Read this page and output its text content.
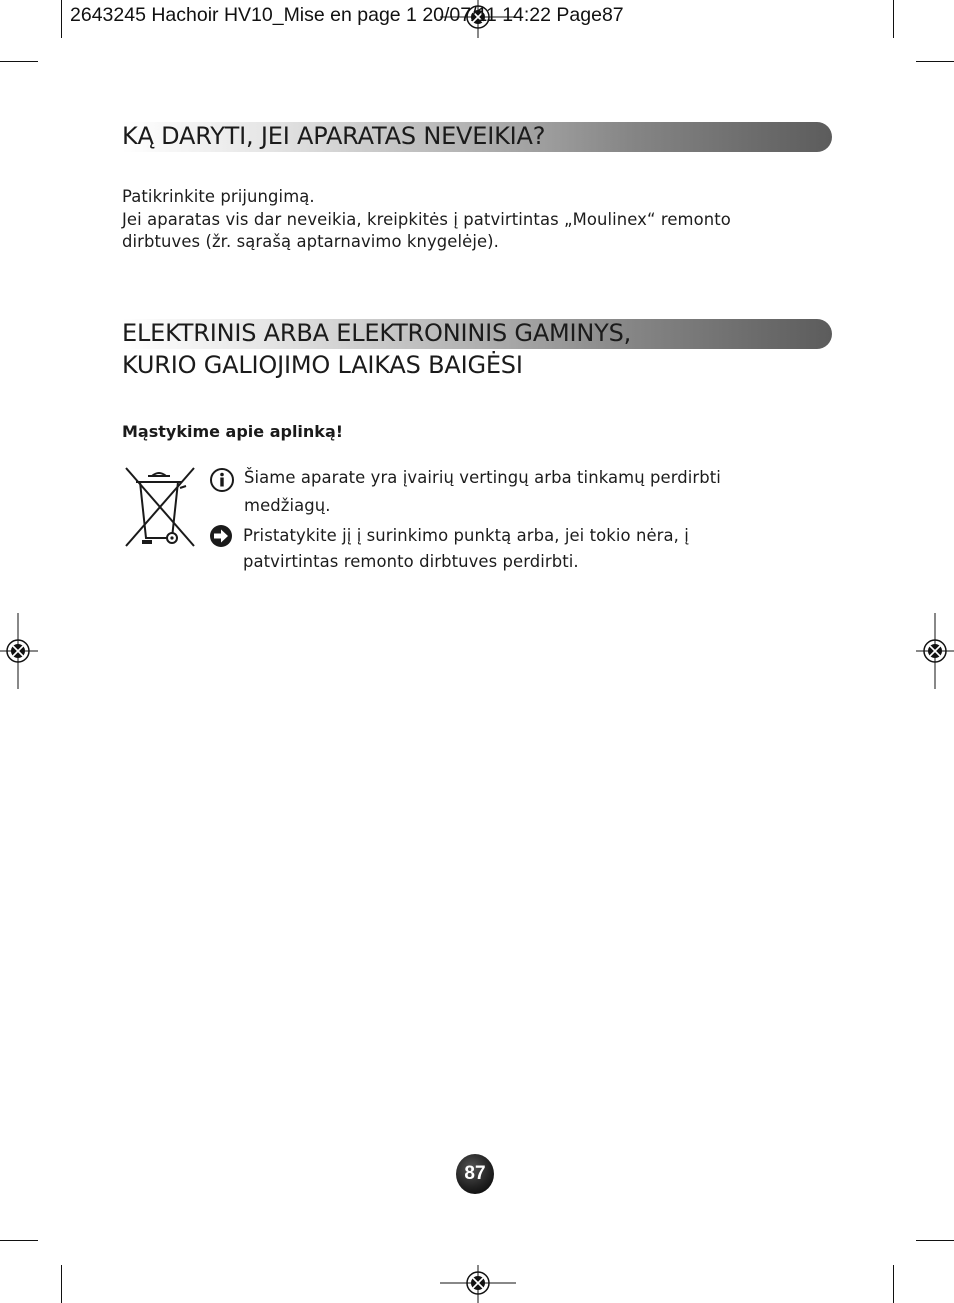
2643245 Hachoir HV10_Mise en page 1 20/07/11 14:22 Page87
KĄ DARYTI, JEI APARATAS NEVEIKIA?
Patikrinkite prijungimą.
Jei aparatas vis dar neveikia, kreipkitės į patvirtintas „Moulinex“ remonto
dirbtuves (žr. sąrašą aptarnavimo knygelėje).
ELEKTRINIS ARBA ELEKTRONINIS GAMINYS,
KURIO GALIOJIMO LAIKAS BAIGĖSI
Mąstykime apie aplinką!
Šiame aparate yra įvairių vertingų arba tinkamų perdirbti
medžiagų.
Pristatykite jį į surinkimo punktą arba, jei tokio nėra, į
patvirtintas remonto dirbtuves perdirbti.
87
